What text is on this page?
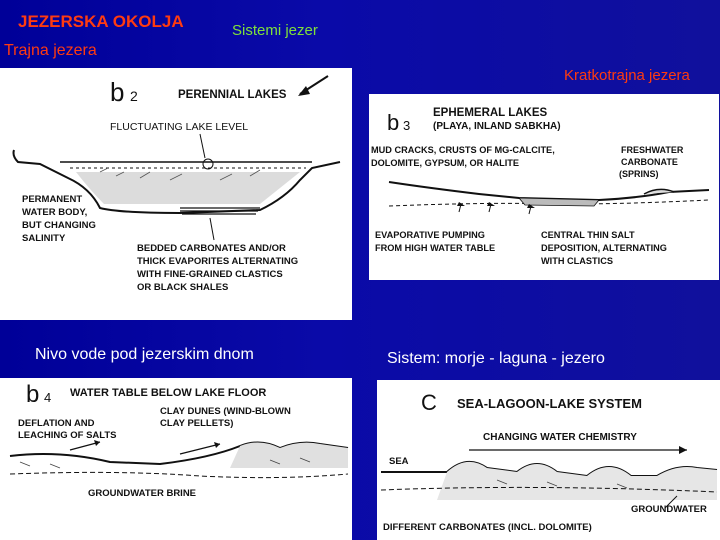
JEZERSKA OKOLJA	Sistemi jezer
Trajna jezera
Kratkotrajna jezera
Nivo vode pod jezerskim dnom	Sistem: morje - laguna - jezero
b 2	PERENNIAL LAKES
FLUCTUATING LAKE LEVEL
PERMANENT
WATER BODY,
BUT CHANGING
SALINITY
BEDDED CARBONATES AND/OR
THICK EVAPORITES ALTERNATING
WITH FINE-GRAINED CLASTICS
OR BLACK SHALES
b 3
EPHEMERAL LAKES
(PLAYA, INLAND SABKHA)
MUD CRACKS, CRUSTS OF MG-CALCITE,
DOLOMITE, GYPSUM, OR HALITE
FRESHWATER
CARBONATE
(SPRINS)
EVAPORATIVE PUMPING
FROM HIGH WATER TABLE
CENTRAL THIN SALT
DEPOSITION, ALTERNATING
WITH CLASTICS
b 4 WATER TABLE BELOW LAKE FLOOR
DEFLATION AND
LEACHING OF SALTS
CLAY DUNES (WIND-BLOWN
CLAY PELLETS)
GROUNDWATER BRINE
C SEA-LAGOON-LAKE SYSTEM
CHANGING WATER CHEMISTRY
SEA
GROUNDWATER
DIFFERENT CARBONATES (INCL. DOLOMITE)
